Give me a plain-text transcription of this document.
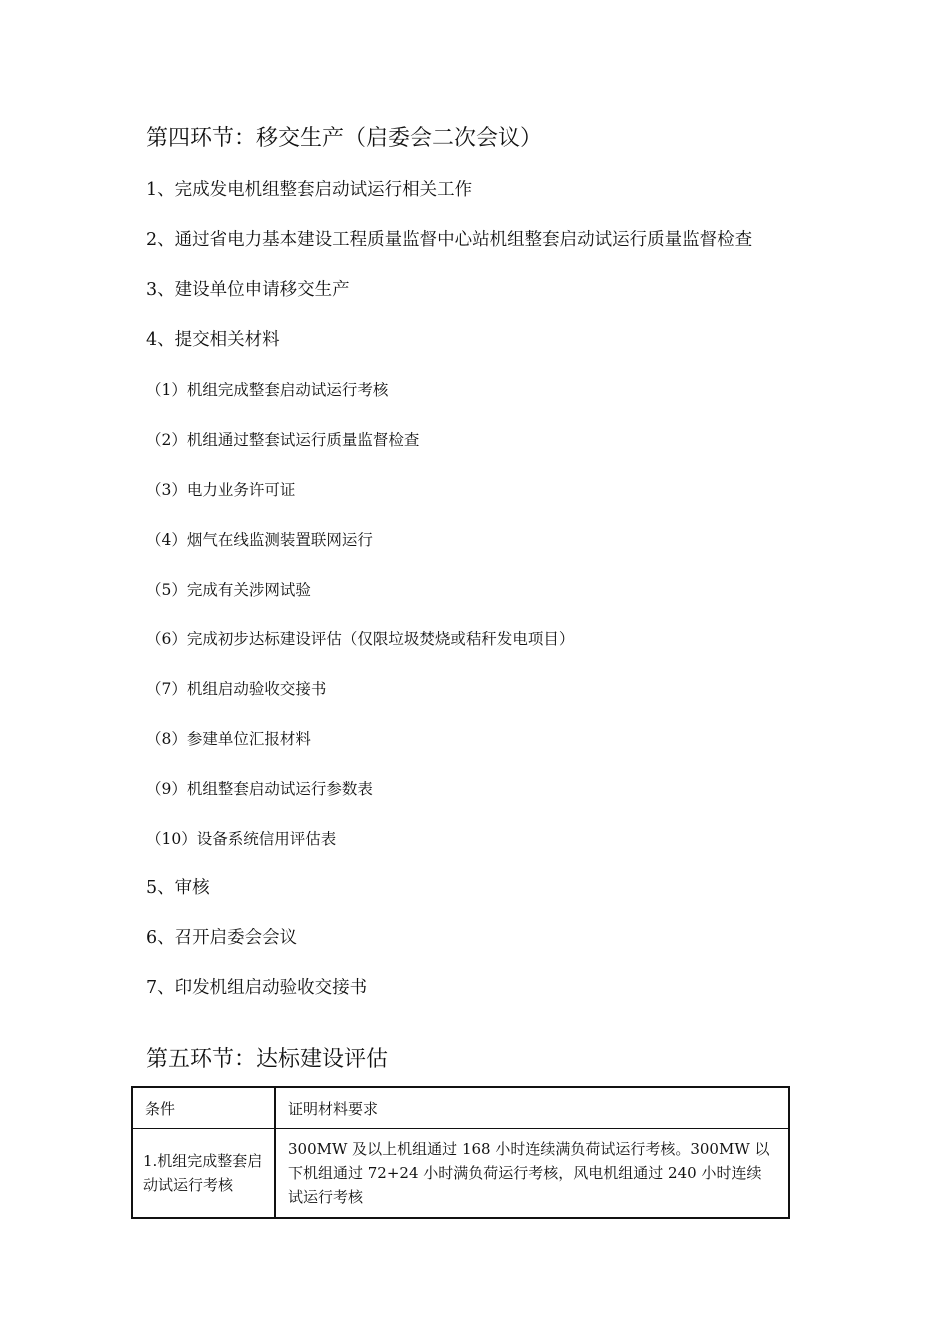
第四环节：移交生产（启委会二次会议）
1、完成发电机组整套启动试运行相关工作
2、通过省电力基本建设工程质量监督中心站机组整套启动试运行质量监督检查
3、建设单位申请移交生产
4、提交相关材料
（1）机组完成整套启动试运行考核
（2）机组通过整套试运行质量监督检查
（3）电力业务许可证
（4）烟气在线监测装置联网运行
（5）完成有关涉网试验
（6）完成初步达标建设评估（仅限垃圾焚烧或秸秆发电项目）
（7）机组启动验收交接书
（8）参建单位汇报材料
（9）机组整套启动试运行参数表
（10）设备系统信用评估表
5、审核
6、召开启委会会议
7、印发机组启动验收交接书
第五环节：达标建设评估
条件	证明材料要求
1.机组完成整套启动试运行考核	300MW 及以上机组通过 168 小时连续满负荷试运行考核。300MW 以下机组通过 72+24 小时满负荷运行考核，风电机组通过 240 小时连续试运行考核
